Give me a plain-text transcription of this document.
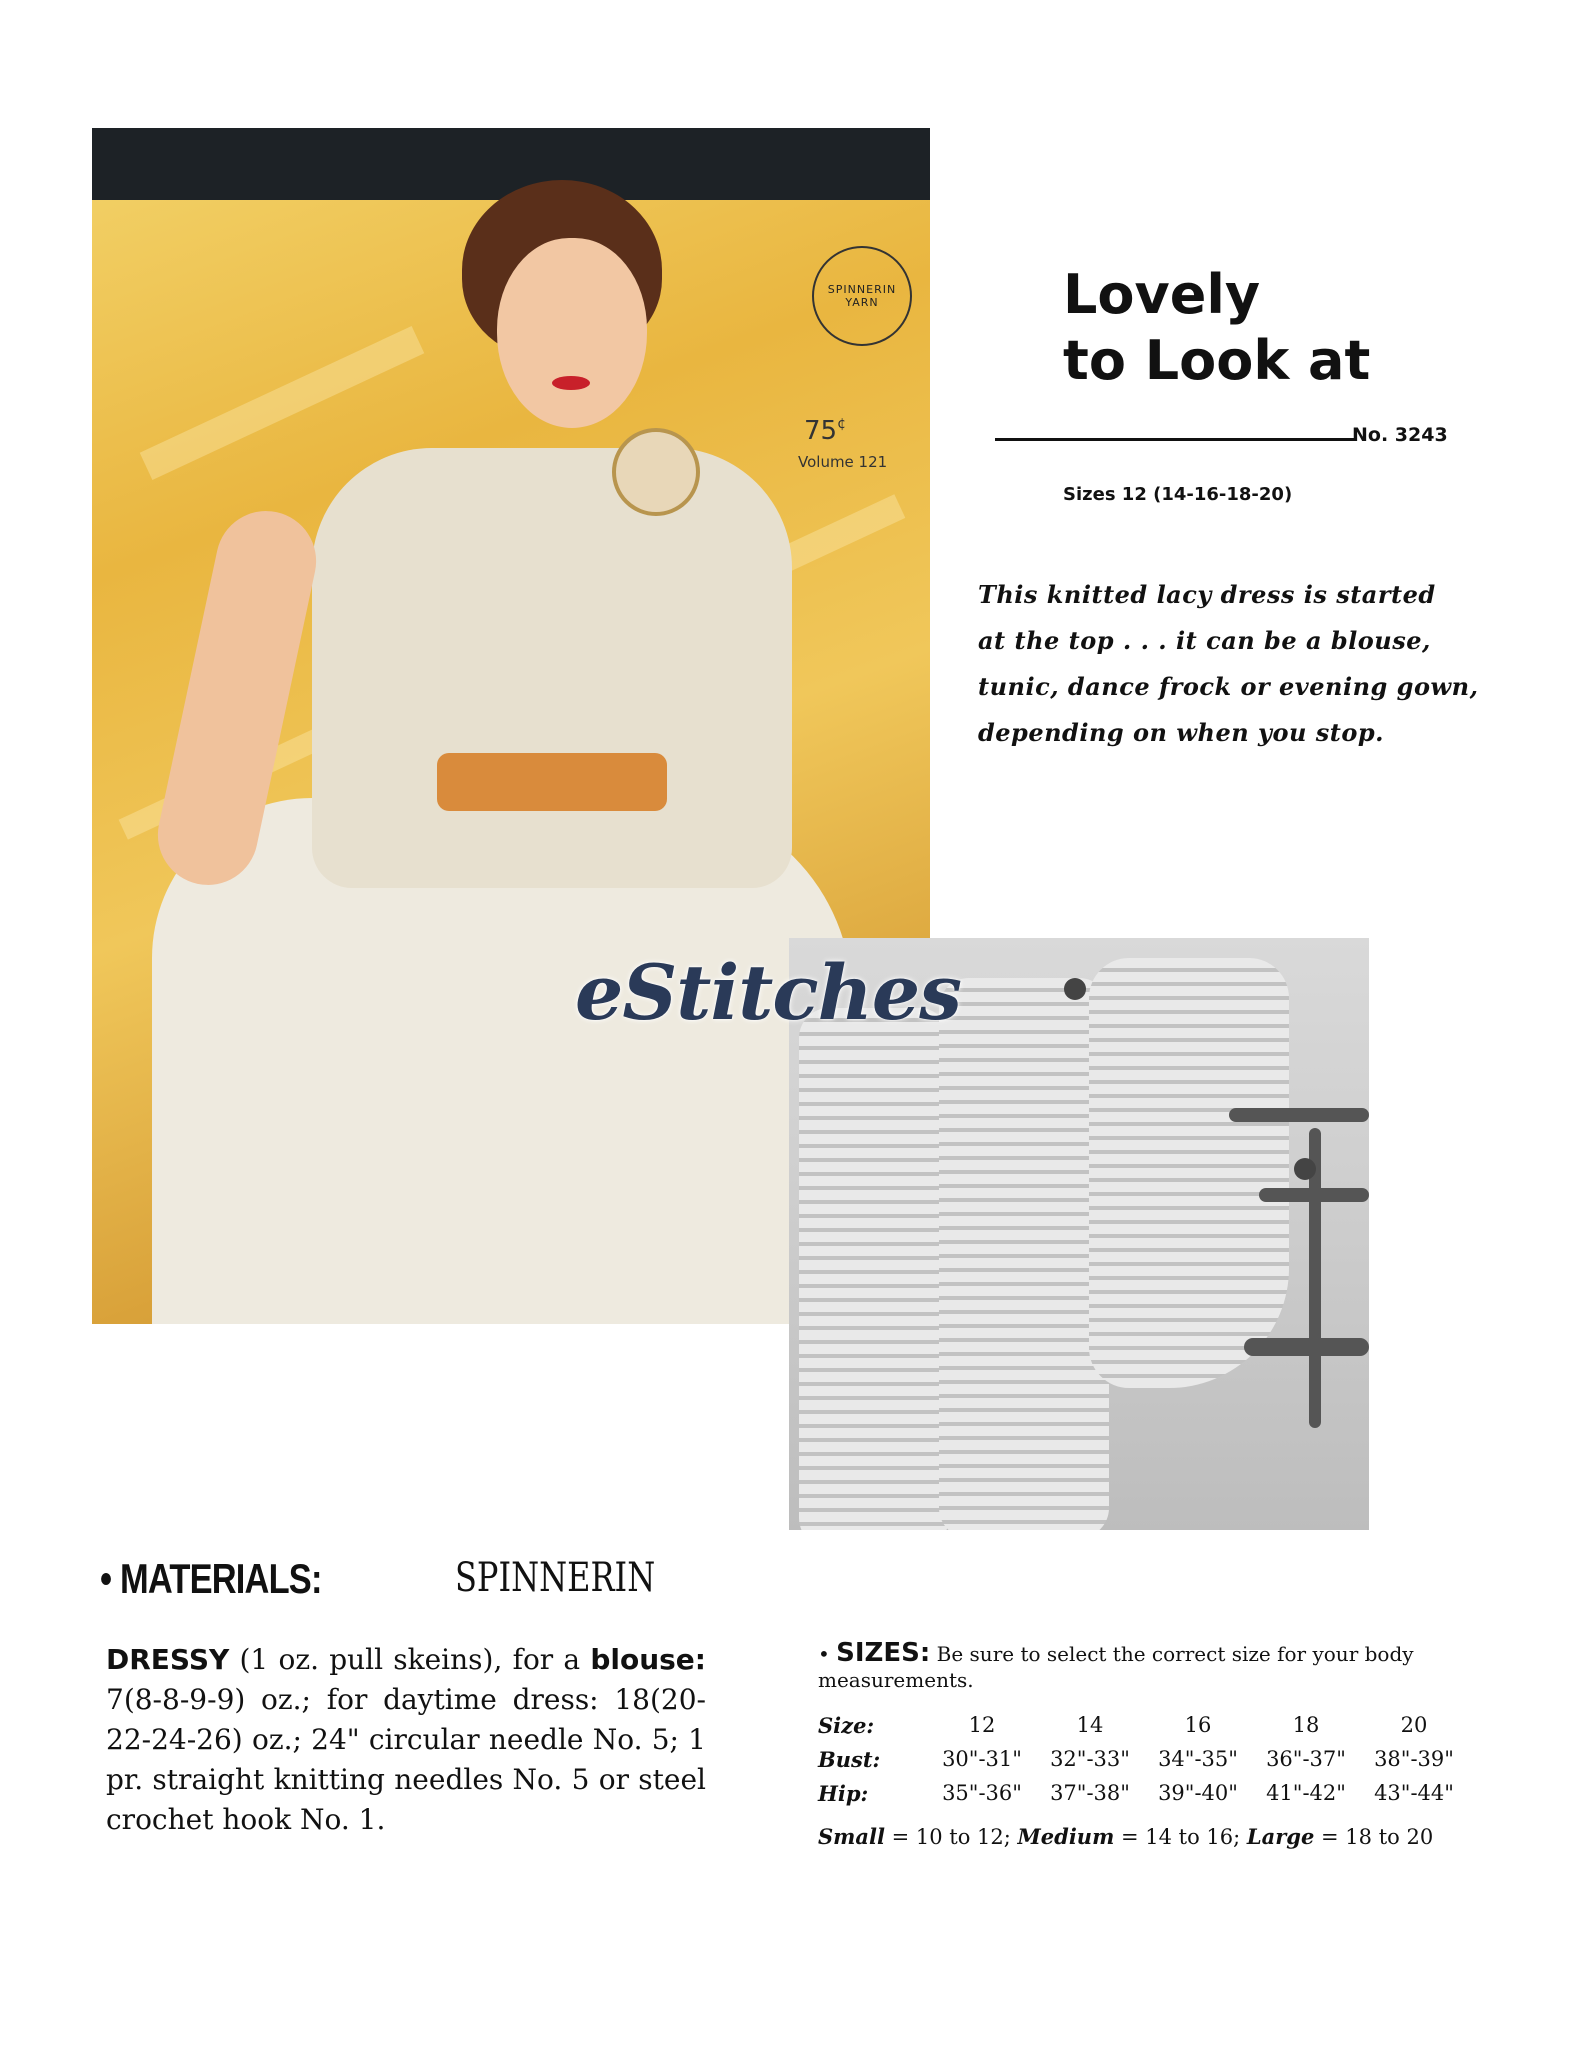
SPINNERIN
YARN
75¢
Volume 121
eStitches
Lovely
to Look at
No. 3243
Sizes 12 (14-16-18-20)
This knitted lacy dress is started
at the top . . . it can be a blouse,
tunic, dance frock or evening gown,
depending on when you stop.
• MATERIALS:	SPINNERIN
DRESSY (1 oz. pull skeins), for a blouse: 7(8-8-9-9) oz.; for daytime dress: 18(20-22-24-26) oz.; 24" circular needle No. 5; 1 pr. straight knitting needles No. 5 or steel crochet hook No. 1.
• SIZES: Be sure to select the correct size for your body measurements.
Size:	12	14	16	18	20
Bust:	30"-31"	32"-33"	34"-35"	36"-37"	38"-39"
Hip:	35"-36"	37"-38"	39"-40"	41"-42"	43"-44"
Small = 10 to 12; Medium = 14 to 16; Large = 18 to 20
